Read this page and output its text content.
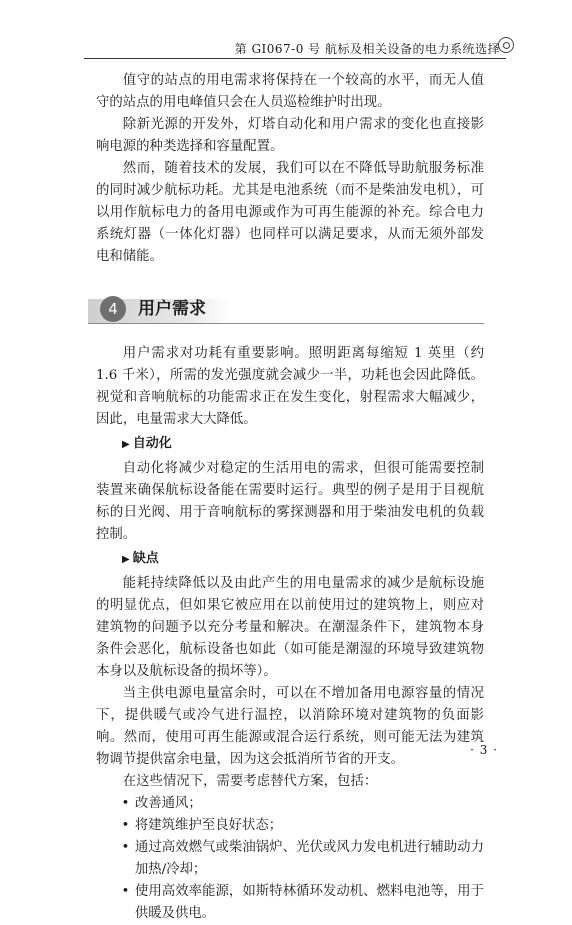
第 GI067-0 号 航标及相关设备的电力系统选择

值守的站点的用电需求将保持在一个较高的水平，而无人值守的站点的用电峰值只会在人员巡检维护时出现。

除新光源的开发外，灯塔自动化和用户需求的变化也直接影响电源的种类选择和容量配置。

然而，随着技术的发展，我们可以在不降低导助航服务标准的同时减少航标功耗。尤其是电池系统（而不是柴油发电机），可以用作航标电力的备用电源或作为可再生能源的补充。综合电力系统灯器（一体化灯器）也同样可以满足要求，从而无须外部发电和储能。

4	用户需求

用户需求对功耗有重要影响。照明距离每缩短 1 英里（约 1.6 千米），所需的发光强度就会减少一半，功耗也会因此降低。视觉和音响航标的功能需求正在发生变化，射程需求大幅减少，因此，电量需求大大降低。

▶ 自动化

自动化将减少对稳定的生活用电的需求，但很可能需要控制装置来确保航标设备能在需要时运行。典型的例子是用于目视航标的日光阀、用于音响航标的雾探测器和用于柴油发电机的负载控制。

▶ 缺点

能耗持续降低以及由此产生的用电量需求的减少是航标设施的明显优点，但如果它被应用在以前使用过的建筑物上，则应对建筑物的问题予以充分考量和解决。在潮湿条件下，建筑物本身条件会恶化，航标设备也如此（如可能是潮湿的环境导致建筑物本身以及航标设备的损坏等）。

当主供电源电量富余时，可以在不增加备用电源容量的情况下，提供暖气或冷气进行温控，以消除环境对建筑物的负面影响。然而，使用可再生能源或混合运行系统，则可能无法为建筑物调节提供富余电量，因为这会抵消所节省的开支。

在这些情况下，需要考虑替代方案，包括：

• 改善通风；
• 将建筑维护至良好状态；
• 通过高效燃气或柴油锅炉、光伏或风力发电机进行辅助动力加热/冷却；
• 使用高效率能源，如斯特林循环发动机、燃料电池等，用于供暖及供电。
· 3 ·
